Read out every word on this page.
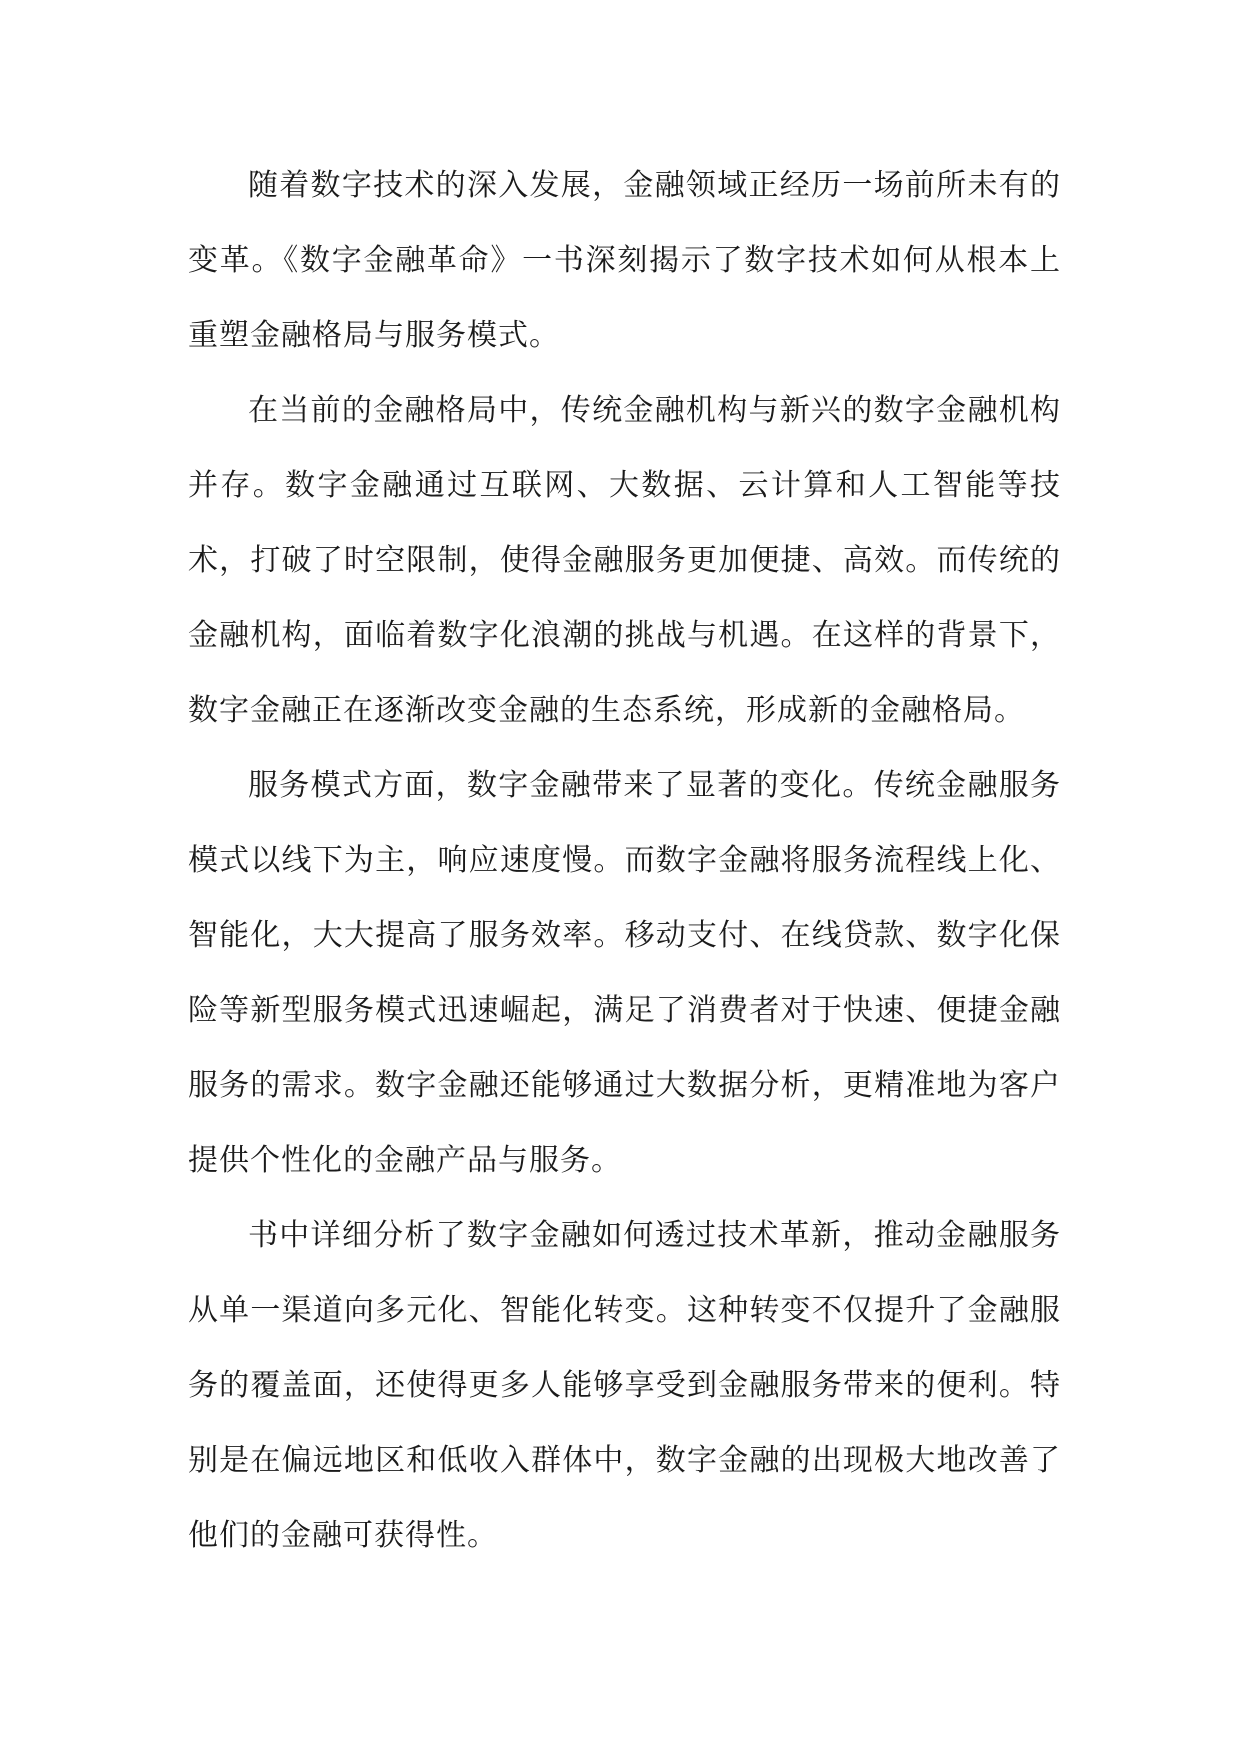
随着数字技术的深入发展，金融领域正经历一场前所未有的变革。《数字金融革命》一书深刻揭示了数字技术如何从根本上重塑金融格局与服务模式。

在当前的金融格局中，传统金融机构与新兴的数字金融机构并存。数字金融通过互联网、大数据、云计算和人工智能等技术，打破了时空限制，使得金融服务更加便捷、高效。而传统的金融机构，面临着数字化浪潮的挑战与机遇。在这样的背景下，数字金融正在逐渐改变金融的生态系统，形成新的金融格局。

服务模式方面，数字金融带来了显著的变化。传统金融服务模式以线下为主，响应速度慢。而数字金融将服务流程线上化、智能化，大大提高了服务效率。移动支付、在线贷款、数字化保险等新型服务模式迅速崛起，满足了消费者对于快速、便捷金融服务的需求。数字金融还能够通过大数据分析，更精准地为客户提供个性化的金融产品与服务。

书中详细分析了数字金融如何透过技术革新，推动金融服务从单一渠道向多元化、智能化转变。这种转变不仅提升了金融服务的覆盖面，还使得更多人能够享受到金融服务带来的便利。特别是在偏远地区和低收入群体中，数字金融的出现极大地改善了他们的金融可获得性。
